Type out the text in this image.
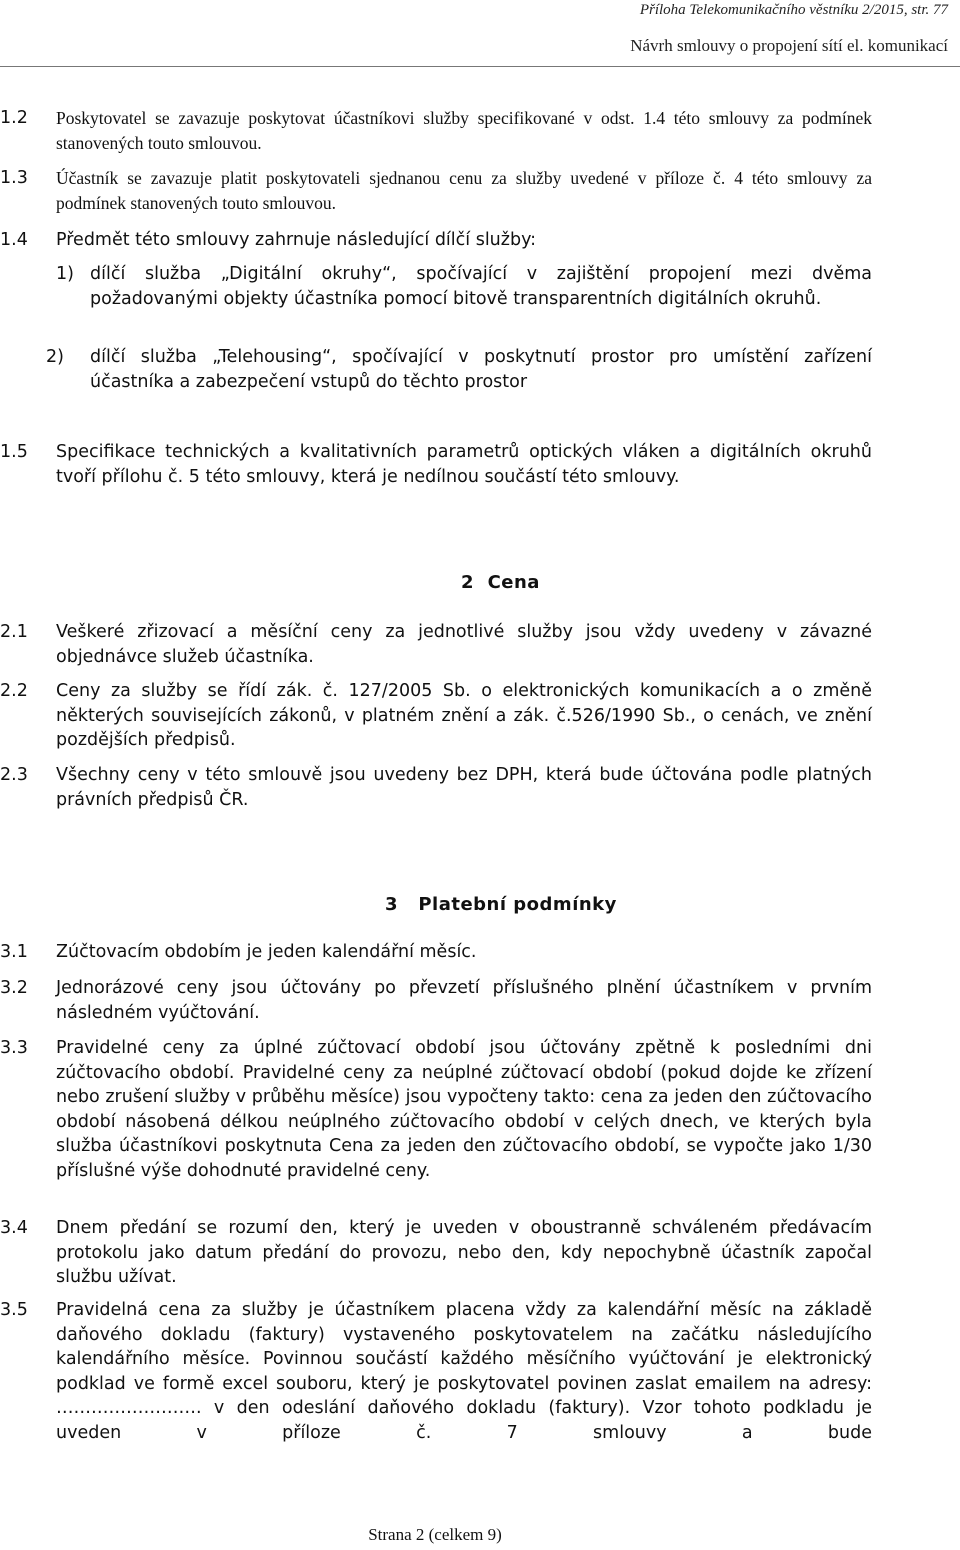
Příloha Telekomunikačního věstníku 2/2015, str. 77
Návrh smlouvy o propojení sítí el. komunikací
1.2 Poskytovatel se zavazuje poskytovat účastníkovi služby specifikované v odst. 1.4 této smlouvy za podmínek stanovených touto smlouvou.
1.3 Účastník se zavazuje platit poskytovateli sjednanou cenu za služby uvedené v příloze č. 4 této smlouvy za podmínek stanovených touto smlouvou.
1.4 Předmět této smlouvy zahrnuje následující dílčí služby:
1) dílčí služba „Digitální okruhy“, spočívající v zajištění propojení mezi dvěma požadovanými objekty účastníka pomocí bitově transparentních digitálních okruhů.
2) dílčí služba „Telehousing“, spočívající v poskytnutí prostor pro umístění zařízení účastníka a zabezpečení vstupů do těchto prostor
1.5 Specifikace technických a kvalitativních parametrů optických vláken a digitálních okruhů tvoří přílohu č. 5 této smlouvy, která je nedílnou součástí této smlouvy.
2 Cena
2.1 Veškeré zřizovací a měsíční ceny za jednotlivé služby jsou vždy uvedeny v závazné objednávce služeb účastníka.
2.2 Ceny za služby se řídí zák. č. 127/2005 Sb. o elektronických komunikacích a o změně některých souvisejících zákonů, v platném znění a zák. č.526/1990 Sb., o cenách, ve znění pozdějších předpisů.
2.3 Všechny ceny v této smlouvě jsou uvedeny bez DPH, která bude účtována podle platných právních předpisů ČR.
3 Platební podmínky
3.1 Zúčtovacím obdobím je jeden kalendářní měsíc.
3.2 Jednorázové ceny jsou účtovány po převzetí příslušného plnění účastníkem v prvním následném vyúčtování.
3.3 Pravidelné ceny za úplné zúčtovací období jsou účtovány zpětně k posledními dni zúčtovacího období. Pravidelné ceny za neúplné zúčtovací období (pokud dojde ke zřízení nebo zrušení služby v průběhu měsíce) jsou vypočteny takto: cena za jeden den zúčtovacího období násobená délkou neúplného zúčtovacího období v celých dnech, ve kterých byla služba účastníkovi poskytnuta Cena za jeden den zúčtovacího období, se vypočte jako 1/30 příslušné výše dohodnuté pravidelné ceny.
3.4 Dnem předání se rozumí den, který je uveden v oboustranně schváleném předávacím protokolu jako datum předání do provozu, nebo den, kdy nepochybně účastník započal službu užívat.
3.5 Pravidelná cena za služby je účastníkem placena vždy za kalendářní měsíc na základě daňového dokladu (faktury) vystaveného poskytovatelem na začátku následujícího kalendářního měsíce. Povinnou součástí každého měsíčního vyúčtování je elektronický podklad ve formě excel souboru, který je poskytovatel povinen zaslat emailem na adresy: ……………………. v den odeslání daňového dokladu (faktury). Vzor tohoto podkladu je uveden v příloze č. 7 smlouvy a bude
Strana 2 (celkem 9)
